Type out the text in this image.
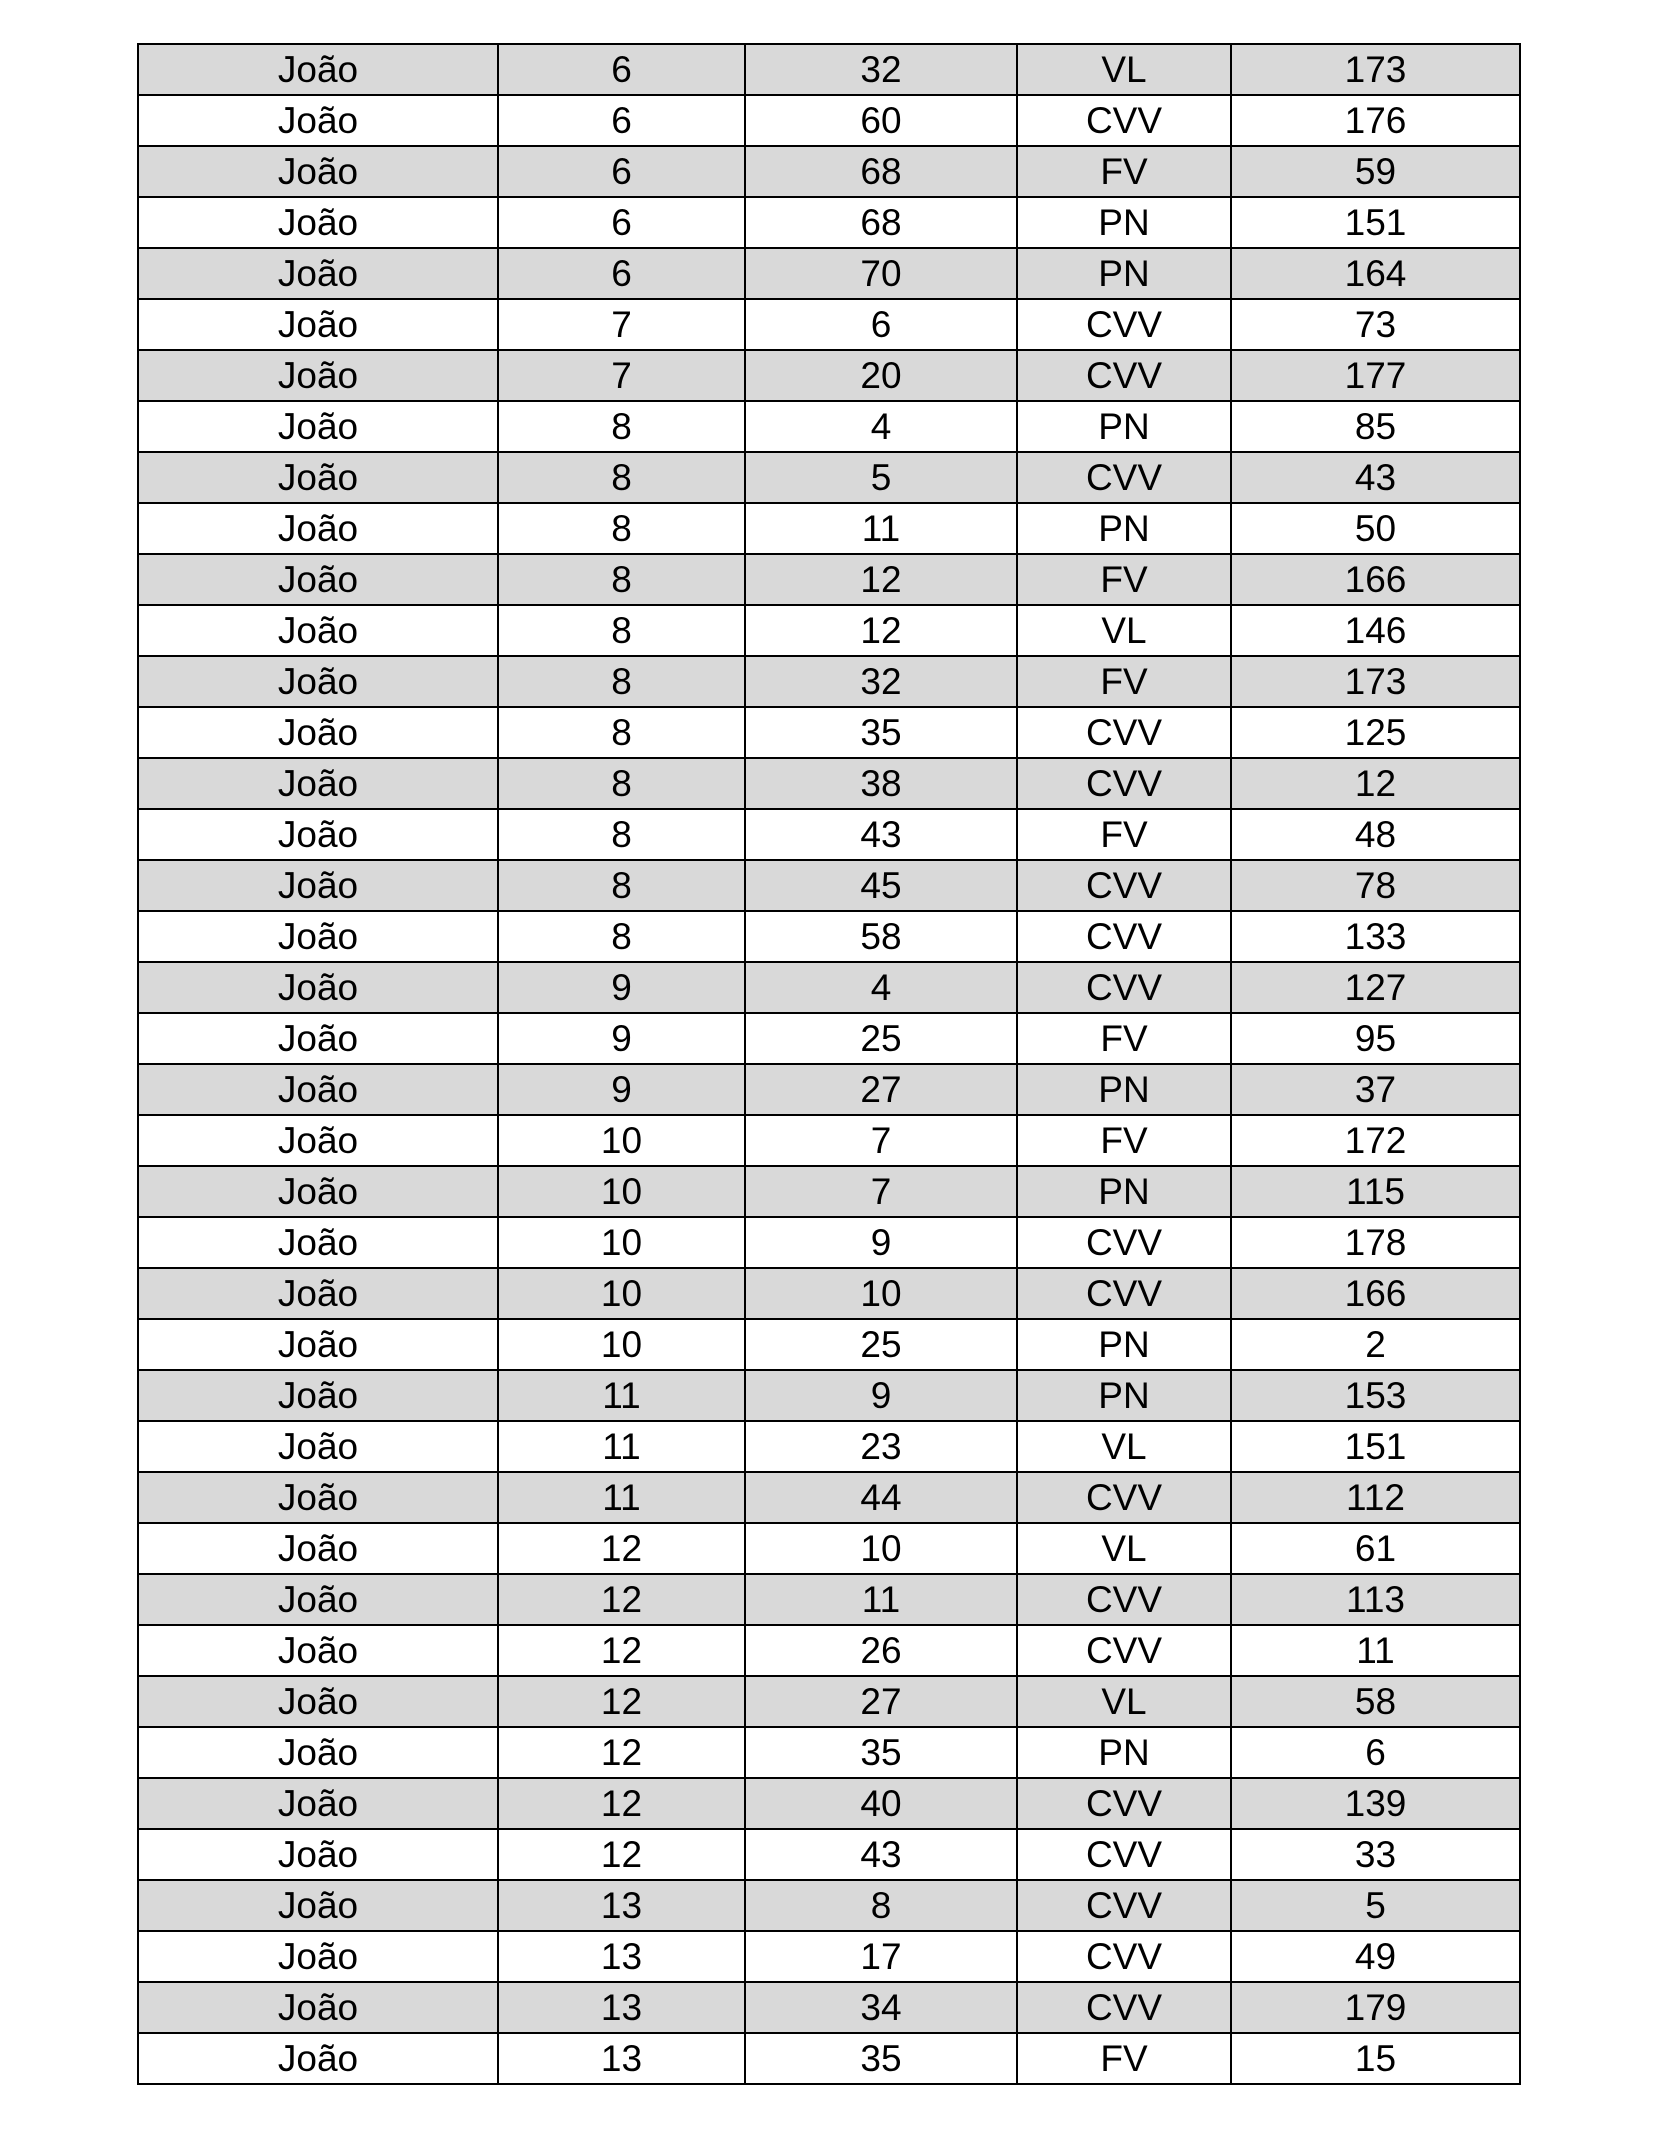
João	6	32	VL	173
João	6	60	CVV	176
João	6	68	FV	59
João	6	68	PN	151
João	6	70	PN	164
João	7	6	CVV	73
João	7	20	CVV	177
João	8	4	PN	85
João	8	5	CVV	43
João	8	11	PN	50
João	8	12	FV	166
João	8	12	VL	146
João	8	32	FV	173
João	8	35	CVV	125
João	8	38	CVV	12
João	8	43	FV	48
João	8	45	CVV	78
João	8	58	CVV	133
João	9	4	CVV	127
João	9	25	FV	95
João	9	27	PN	37
João	10	7	FV	172
João	10	7	PN	115
João	10	9	CVV	178
João	10	10	CVV	166
João	10	25	PN	2
João	11	9	PN	153
João	11	23	VL	151
João	11	44	CVV	112
João	12	10	VL	61
João	12	11	CVV	113
João	12	26	CVV	11
João	12	27	VL	58
João	12	35	PN	6
João	12	40	CVV	139
João	12	43	CVV	33
João	13	8	CVV	5
João	13	17	CVV	49
João	13	34	CVV	179
João	13	35	FV	15
